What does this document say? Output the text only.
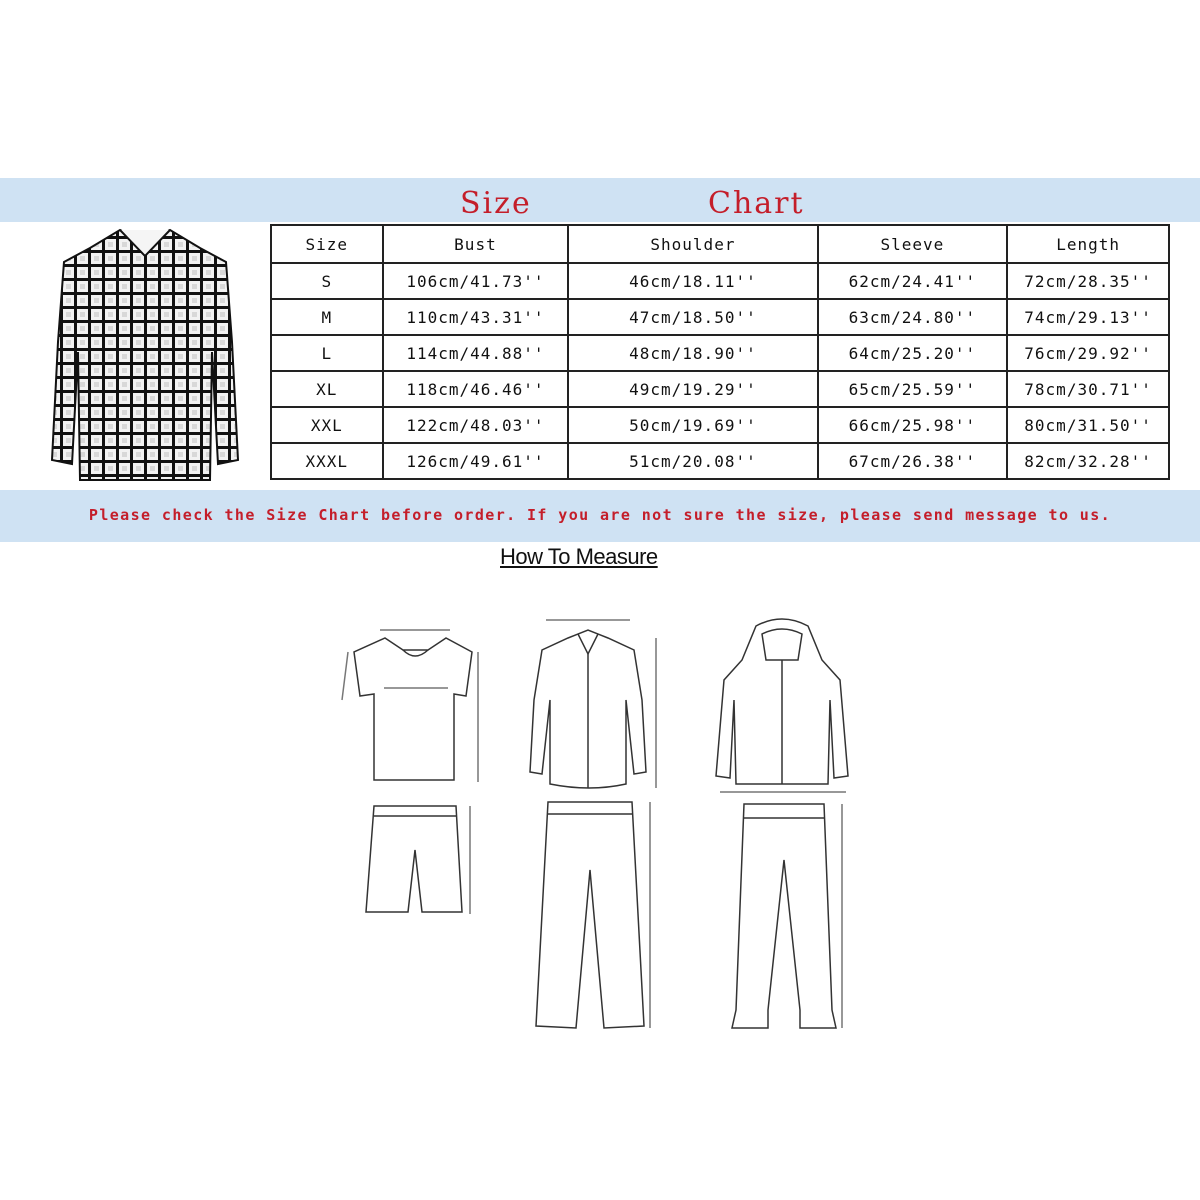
Size	Chart
Size	Bust	Shoulder	Sleeve	Length
S	106cm/41.73''	46cm/18.11''	62cm/24.41''	72cm/28.35''
M	110cm/43.31''	47cm/18.50''	63cm/24.80''	74cm/29.13''
L	114cm/44.88''	48cm/18.90''	64cm/25.20''	76cm/29.92''
XL	118cm/46.46''	49cm/19.29''	65cm/25.59''	78cm/30.71''
XXL	122cm/48.03''	50cm/19.69''	66cm/25.98''	80cm/31.50''
XXXL	126cm/49.61''	51cm/20.08''	67cm/26.38''	82cm/32.28''
Please check the Size Chart before order. If you are not sure the size, please send message to us.
How To Measure
